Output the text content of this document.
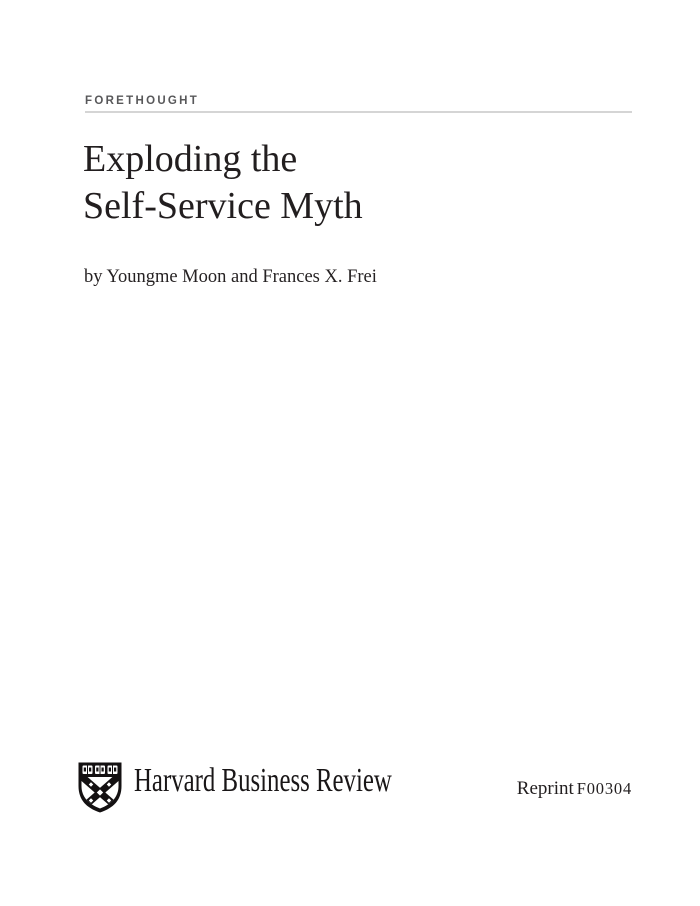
FORETHOUGHT
Exploding the
Self-Service Myth
by Youngme Moon and Frances X. Frei
Harvard Business Review	Reprint F00304
